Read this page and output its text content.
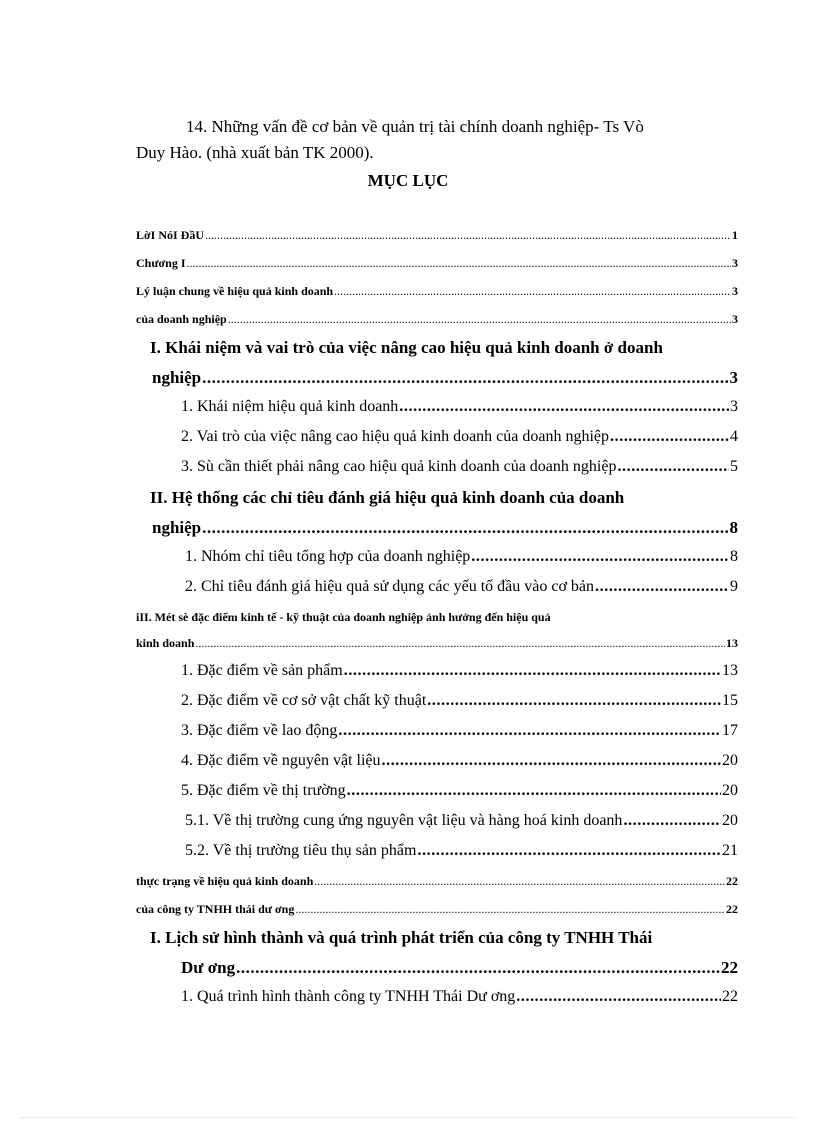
14. Những vấn đề cơ bản về quản trị tài chính doanh nghiệp- Ts Vò
Duy Hào. (nhà xuất bản TK 2000).
MỤC LỤC
LờI NóI ĐầU .....	1
Chương I .....	3
Lý luận chung về hiệu quả kinh doanh .....	3
của doanh nghiệp .....	3
I. Khái niệm và vai trò của việc nâng cao hiệu quả kinh doanh ở doanh
nghiệp .....	3
1. Khái niệm hiệu quả kinh doanh .....	3
2. Vai trò của việc nâng cao hiệu quả kinh doanh của doanh nghiệp .....	4
3. Sù cần thiết phải nâng cao hiệu quả kinh doanh của doanh nghiệp .....	5
II. Hệ thống các chỉ tiêu đánh giá hiệu quả kinh doanh của doanh
nghiệp .....	8
1. Nhóm chỉ tiêu tổng hợp của doanh nghiệp .....	8
2. Chỉ tiêu đánh giá hiệu quả sử dụng các yếu tố đầu vào cơ bản .....	9
iII. Mét sè đặc điểm kinh tế - kỹ thuật của doanh nghiệp ảnh hưởng đến hiệu quả
kinh doanh .....	13
1. Đặc điểm về sản phẩm .....	13
2. Đặc điểm về cơ sở vật chất kỹ thuật .....	15
3. Đặc điểm về lao động .....	17
4. Đặc điểm về nguyên vật liệu .....	20
5. Đặc điểm về thị trường .....	20
5.1. Về thị trường cung ứng nguyên vật liệu và hàng hoá kinh doanh .....	20
5.2. Về thị trường tiêu thụ sản phẩm .....	21
thực trạng về hiệu quả kinh doanh .....	22
của công ty TNHH thái dư ơng .....	22
I. Lịch sử hình thành và quá trình phát triển của công ty TNHH Thái
Dư ơng .....	22
1. Quá trình hình thành công ty TNHH Thái Dư ơng .....	22
